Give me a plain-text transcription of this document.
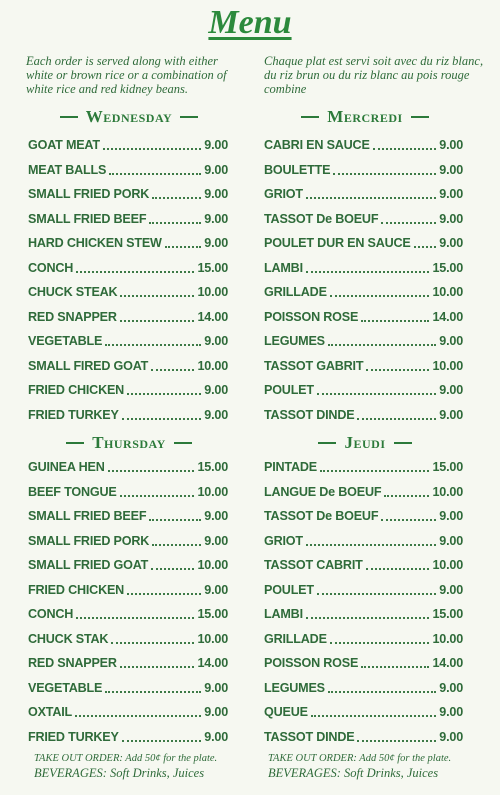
Menu
Each order is served along with either white or brown rice or a combination of white rice and red kidney beans.
Chaque plat est servi soit avec du riz blanc, du riz brun ou du riz blanc au pois rouge combine
Wednesday
GOAT MEAT	9.00
MEAT BALLS	9.00
SMALL FRIED PORK	9.00
SMALL FRIED BEEF	9.00
HARD CHICKEN STEW	9.00
CONCH	15.00
CHUCK STEAK	10.00
RED SNAPPER	14.00
VEGETABLE	9.00
SMALL FIRED GOAT	10.00
FRIED CHICKEN	9.00
FRIED TURKEY	9.00
Mercredi
CABRI EN SAUCE	9.00
BOULETTE	9.00
GRIOT	9.00
TASSOT De BOEUF	9.00
POULET DUR EN SAUCE 9.00
LAMBI	15.00
GRILLADE	10.00
POISSON ROSE	14.00
LEGUMES	9.00
TASSOT GABRIT	10.00
POULET	9.00
TASSOT DINDE	9.00
Thursday
GUINEA HEN	15.00
BEEF TONGUE	10.00
SMALL FRIED BEEF	9.00
SMALL FRIED PORK	9.00
SMALL FRIED GOAT	10.00
FRIED CHICKEN	9.00
CONCH	15.00
CHUCK STAK	10.00
RED SNAPPER	14.00
VEGETABLE	9.00
OXTAIL	9.00
FRIED TURKEY	9.00
Jeudi
PINTADE	15.00
LANGUE De BOEUF	10.00
TASSOT De BOEUF	9.00
GRIOT	9.00
TASSOT CABRIT	10.00
POULET	9.00
LAMBI	15.00
GRILLADE	10.00
POISSON ROSE	14.00
LEGUMES	9.00
QUEUE	9.00
TASSOT DINDE	9.00
TAKE OUT ORDER: Add 50¢ for the plate.
BEVERAGES: Soft Drinks, Juices
TAKE OUT ORDER: Add 50¢ for the plate.
BEVERAGES: Soft Drinks, Juices
